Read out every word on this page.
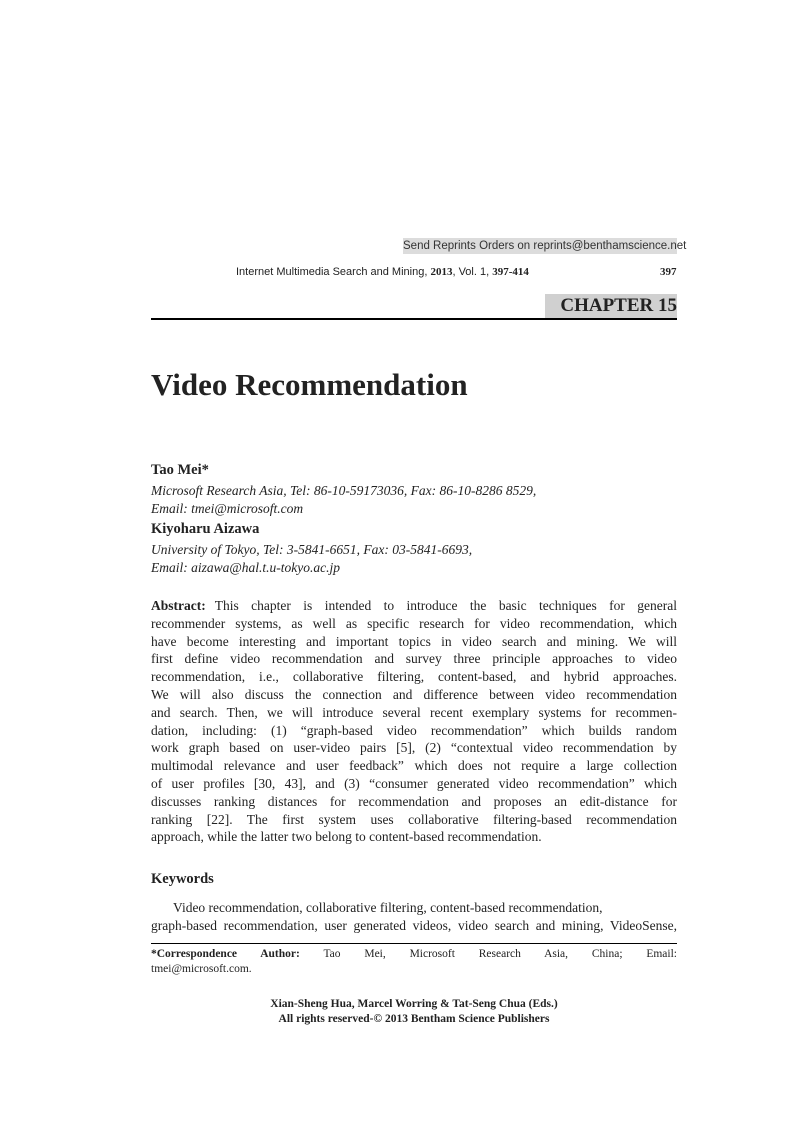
Send Reprints Orders on reprints@benthamscience.net
Internet Multimedia Search and Mining, 2013, Vol. 1, 397-414	397
CHAPTER 15
Video Recommendation
Tao Mei*
Microsoft Research Asia, Tel: 86-10-59173036, Fax: 86-10-8286 8529,
Email: tmei@microsoft.com
Kiyoharu Aizawa
University of Tokyo, Tel: 3-5841-6651, Fax: 03-5841-6693,
Email: aizawa@hal.t.u-tokyo.ac.jp
Abstract: This chapter is intended to introduce the basic techniques for general
recommender systems, as well as specific research for video recommendation, which
have become interesting and important topics in video search and mining. We will
first define video recommendation and survey three principle approaches to video
recommendation, i.e., collaborative filtering, content-based, and hybrid approaches.
We will also discuss the connection and difference between video recommendation
and search. Then, we will introduce several recent exemplary systems for recommen-
dation, including: (1) “graph-based video recommendation” which builds random
work graph based on user-video pairs [5], (2) “contextual video recommendation by
multimodal relevance and user feedback” which does not require a large collection
of user profiles [30, 43], and (3) “consumer generated video recommendation” which
discusses ranking distances for recommendation and proposes an edit-distance for
ranking [22]. The first system uses collaborative filtering-based recommendation
approach, while the latter two belong to content-based recommendation.
Keywords
Video recommendation, collaborative filtering, content-based recommendation,
graph-based recommendation, user generated videos, video search and mining, VideoSense,
*Correspondence Author: Tao Mei, Microsoft Research Asia, China; Email:
tmei@microsoft.com.
Xian-Sheng Hua, Marcel Worring & Tat-Seng Chua (Eds.)
All rights reserved-© 2013 Bentham Science Publishers
